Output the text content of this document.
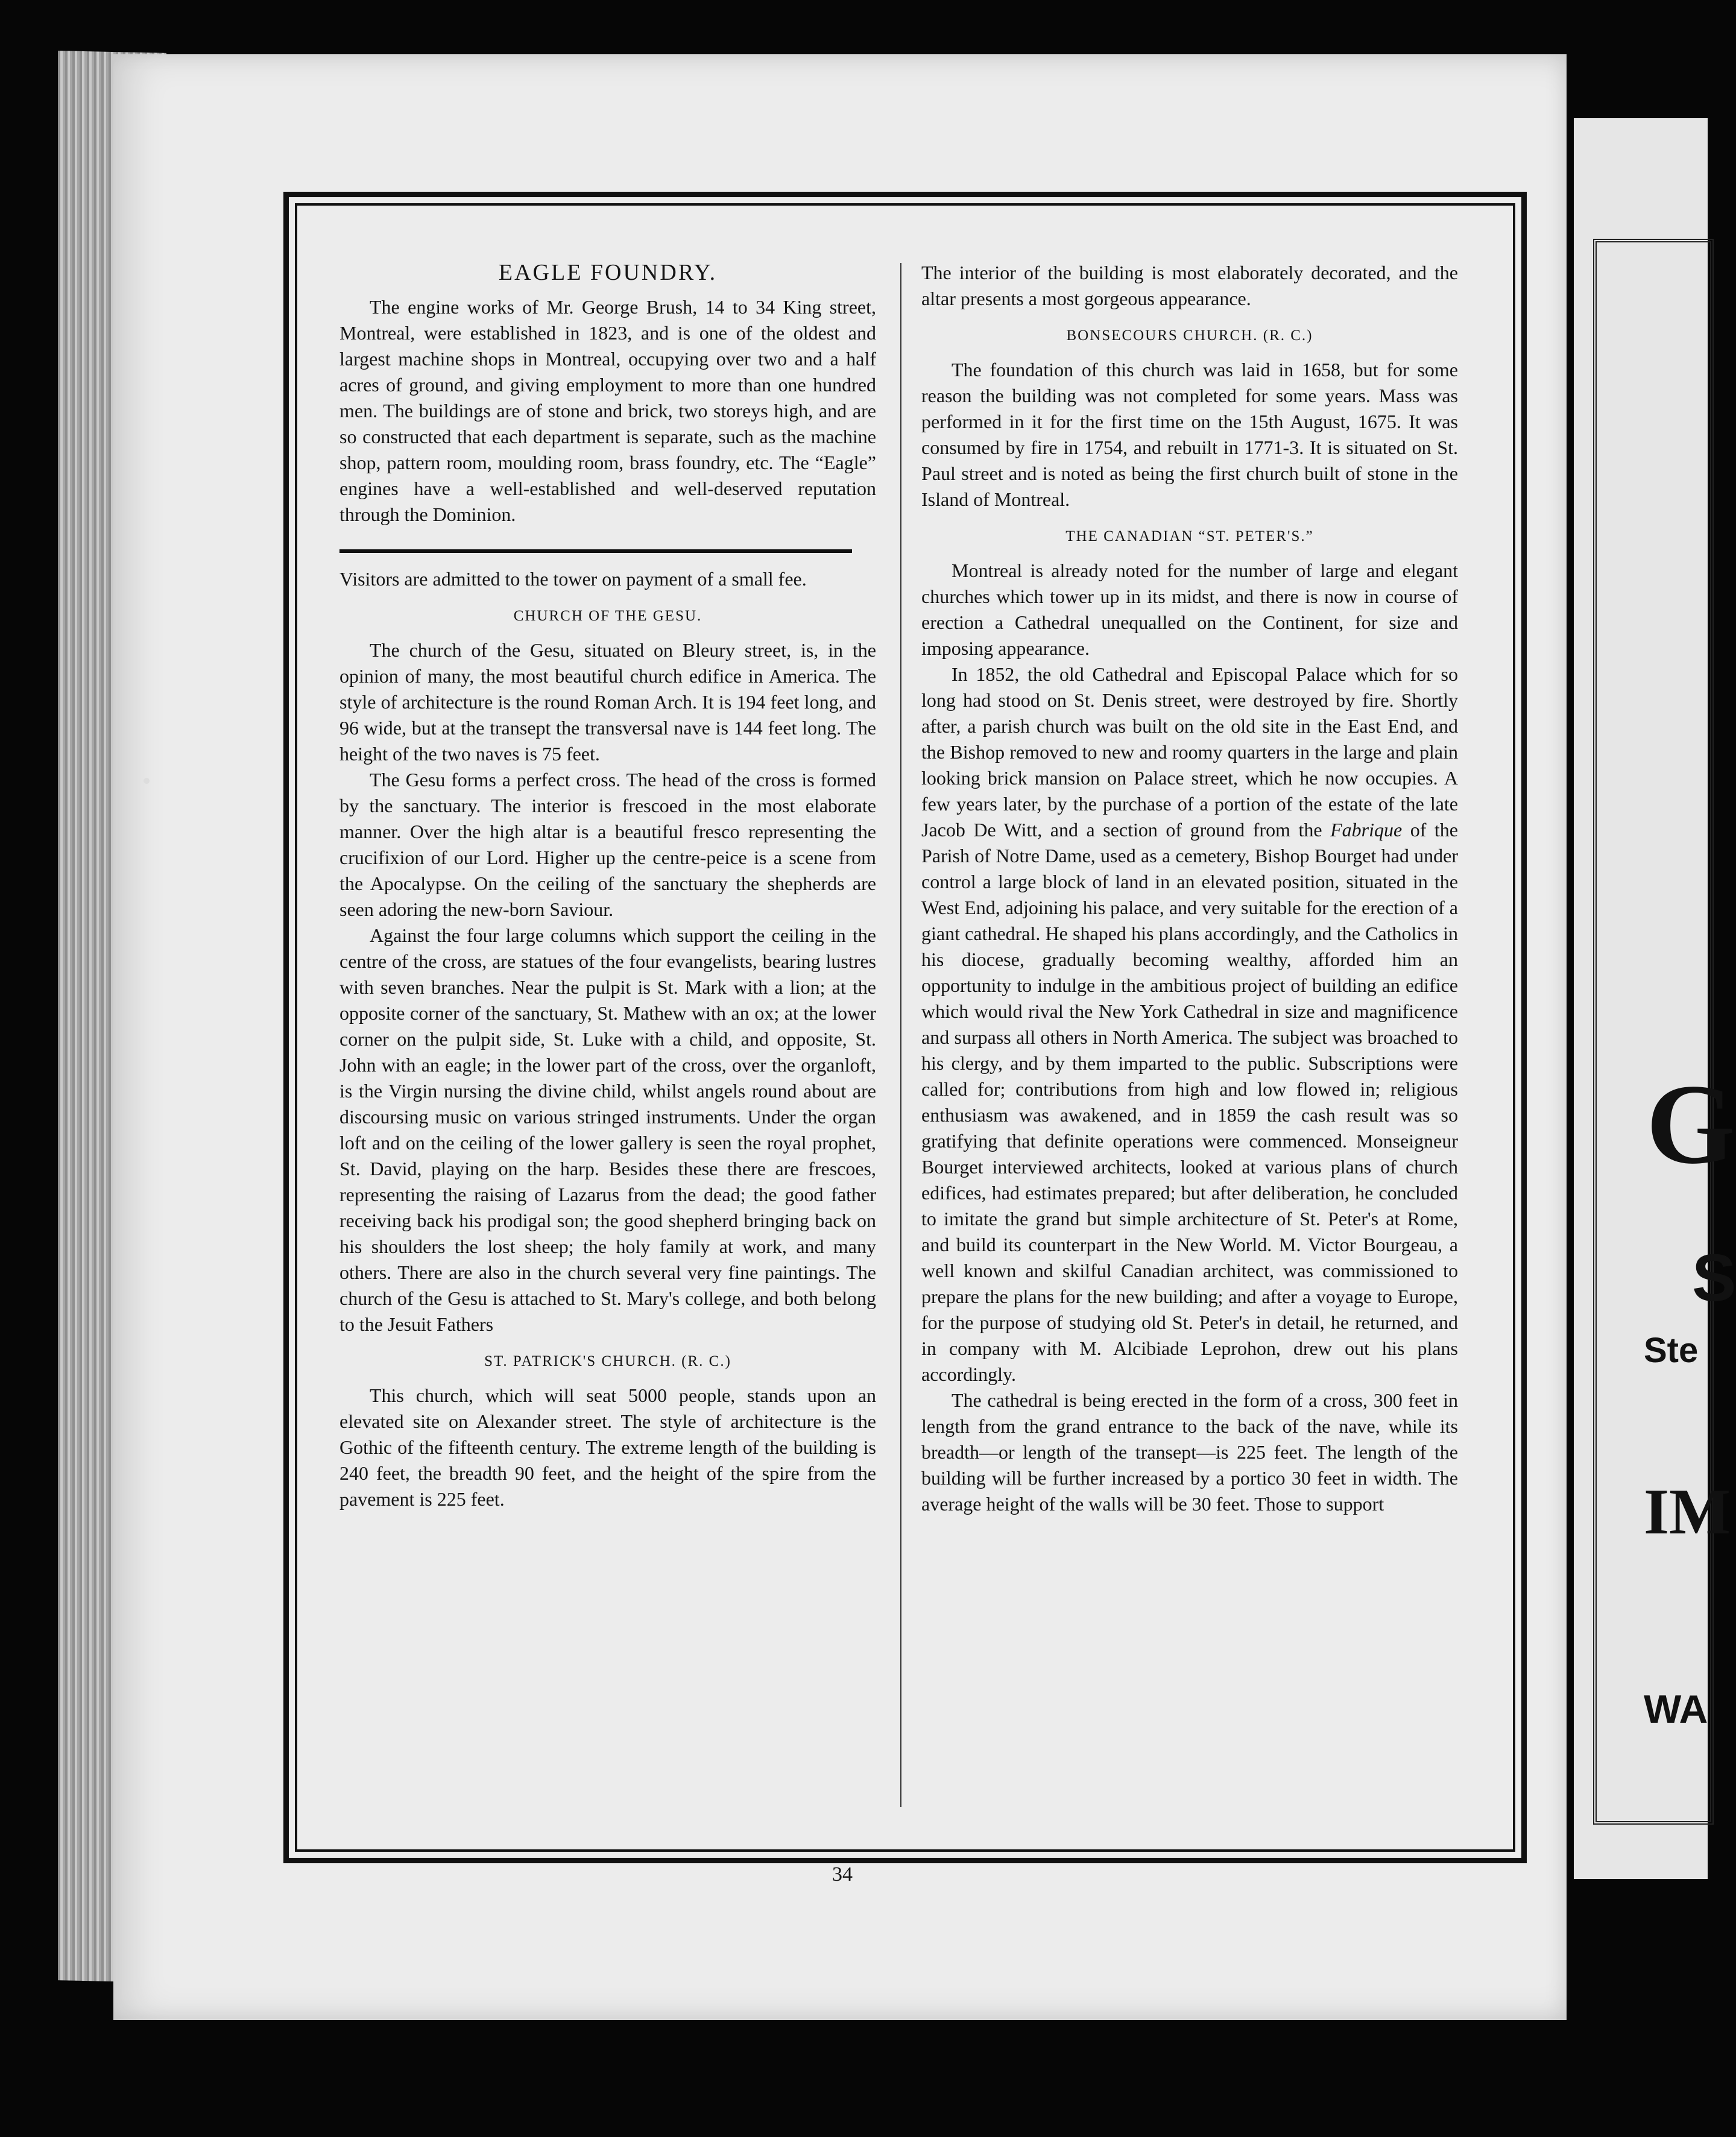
G
S
Ste
IM
WA
EAGLE FOUNDRY.

The engine works of Mr. George Brush, 14 to 34 King street, Montreal, were established in 1823, and is one of the oldest and largest machine shops in Montreal, occupying over two and a half acres of ground, and giving employment to more than one hundred men. The buildings are of stone and brick, two storeys high, and are so constructed that each department is separate, such as the machine shop, pattern room, moulding room, brass foundry, etc. The “Eagle” engines have a well-established and well-deserved reputation through the Dominion.

Visitors are admitted to the tower on payment of a small fee.

CHURCH OF THE GESU.

The church of the Gesu, situated on Bleury street, is, in the opinion of many, the most beautiful church edifice in America. The style of architecture is the round Roman Arch. It is 194 feet long, and 96 wide, but at the transept the transversal nave is 144 feet long. The height of the two naves is 75 feet.

The Gesu forms a perfect cross. The head of the cross is formed by the sanctuary. The interior is frescoed in the most elaborate manner. Over the high altar is a beautiful fresco representing the crucifixion of our Lord. Higher up the centre-peice is a scene from the Apocalypse. On the ceiling of the sanctuary the shepherds are seen adoring the new-born Saviour.

Against the four large columns which support the ceiling in the centre of the cross, are statues of the four evangelists, bearing lustres with seven branches. Near the pulpit is St. Mark with a lion; at the opposite corner of the sanctuary, St. Mathew with an ox; at the lower corner on the pulpit side, St. Luke with a child, and opposite, St. John with an eagle; in the lower part of the cross, over the organloft, is the Virgin nursing the divine child, whilst angels round about are discoursing music on various stringed instruments. Under the organ loft and on the ceiling of the lower gallery is seen the royal prophet, St. David, playing on the harp. Besides these there are frescoes, representing the raising of Lazarus from the dead; the good father receiving back his prodigal son; the good shepherd bringing back on his shoulders the lost sheep; the holy family at work, and many others. There are also in the church several very fine paintings. The church of the Gesu is attached to St. Mary's college, and both belong to the Jesuit Fathers

ST. PATRICK'S CHURCH. (R. C.)

This church, which will seat 5000 people, stands upon an elevated site on Alexander street. The style of architecture is the Gothic of the fifteenth century. The extreme length of the building is 240 feet, the breadth 90 feet, and the height of the spire from the pavement is 225 feet.

The interior of the building is most elaborately decorated, and the altar presents a most gorgeous appearance.

BONSECOURS CHURCH. (R. C.)

The foundation of this church was laid in 1658, but for some reason the building was not completed for some years. Mass was performed in it for the first time on the 15th August, 1675. It was consumed by fire in 1754, and rebuilt in 1771-3. It is situated on St. Paul street and is noted as being the first church built of stone in the Island of Montreal.

THE CANADIAN “ST. PETER'S.”

Montreal is already noted for the number of large and elegant churches which tower up in its midst, and there is now in course of erection a Cathedral unequalled on the Continent, for size and imposing appearance.

In 1852, the old Cathedral and Episcopal Palace which for so long had stood on St. Denis street, were destroyed by fire. Shortly after, a parish church was built on the old site in the East End, and the Bishop removed to new and roomy quarters in the large and plain looking brick mansion on Palace street, which he now occupies. A few years later, by the purchase of a portion of the estate of the late Jacob De Witt, and a section of ground from the Fabrique of the Parish of Notre Dame, used as a cemetery, Bishop Bourget had under control a large block of land in an elevated position, situated in the West End, adjoining his palace, and very suitable for the erection of a giant cathedral. He shaped his plans accordingly, and the Catholics in his diocese, gradually becoming wealthy, afforded him an opportunity to indulge in the ambitious project of building an edifice which would rival the New York Cathedral in size and magnificence and surpass all others in North America. The subject was broached to his clergy, and by them imparted to the public. Subscriptions were called for; contributions from high and low flowed in; religious enthusiasm was awakened, and in 1859 the cash result was so gratifying that definite operations were commenced. Monseigneur Bourget interviewed architects, looked at various plans of church edifices, had estimates prepared; but after deliberation, he concluded to imitate the grand but simple architecture of St. Peter's at Rome, and build its counterpart in the New World. M. Victor Bourgeau, a well known and skilful Canadian architect, was commissioned to prepare the plans for the new building; and after a voyage to Europe, for the purpose of studying old St. Peter's in detail, he returned, and in company with M. Alcibiade Leprohon, drew out his plans accordingly.

The cathedral is being erected in the form of a cross, 300 feet in length from the grand entrance to the back of the nave, while its breadth—or length of the transept—is 225 feet. The length of the building will be further increased by a portico 30 feet in width. The average height of the walls will be 30 feet. Those to support

34
